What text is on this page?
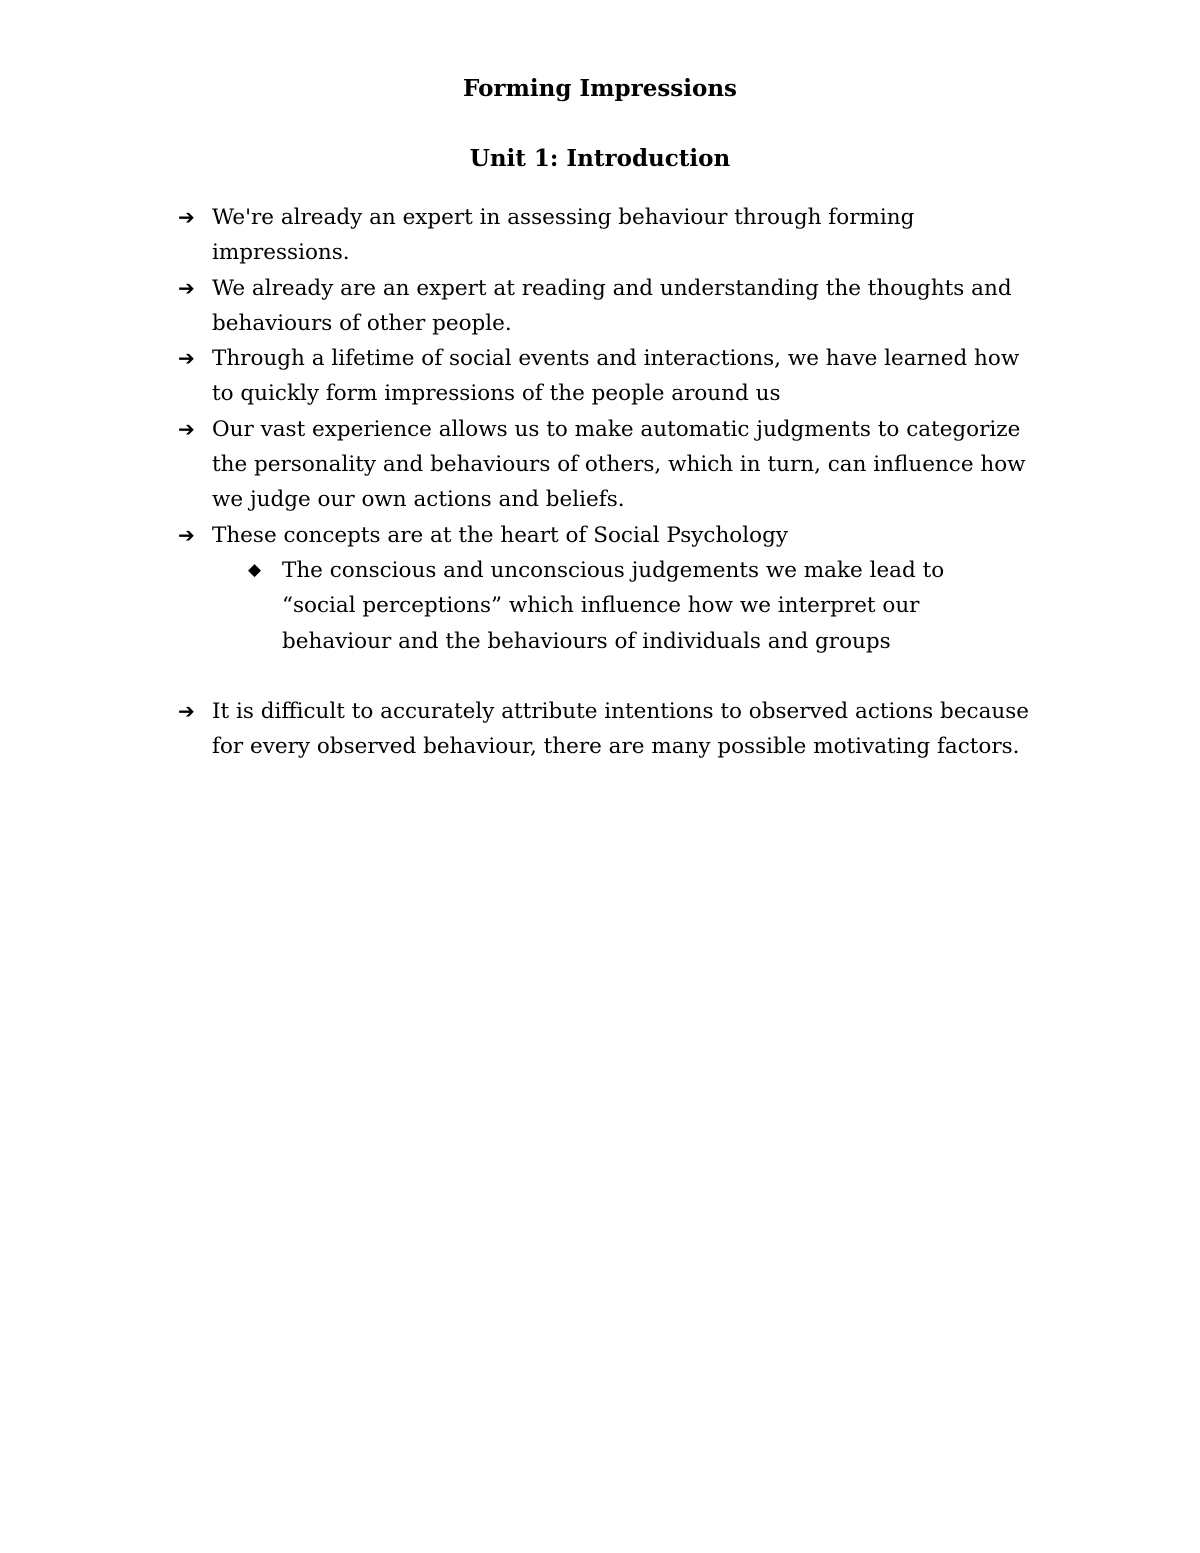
Forming Impressions
Unit 1: Introduction
➔ We're already an expert in assessing behaviour through forming impressions.
➔ We already are an expert at reading and understanding the thoughts and behaviours of other people.
➔ Through a lifetime of social events and interactions, we have learned how to quickly form impressions of the people around us
➔ Our vast experience allows us to make automatic judgments to categorize the personality and behaviours of others, which in turn, can influence how we judge our own actions and beliefs.
➔ These concepts are at the heart of Social Psychology
◆ The conscious and unconscious judgements we make lead to “social perceptions” which influence how we interpret our behaviour and the behaviours of individuals and groups
➔ It is difficult to accurately attribute intentions to observed actions because for every observed behaviour, there are many possible motivating factors.
